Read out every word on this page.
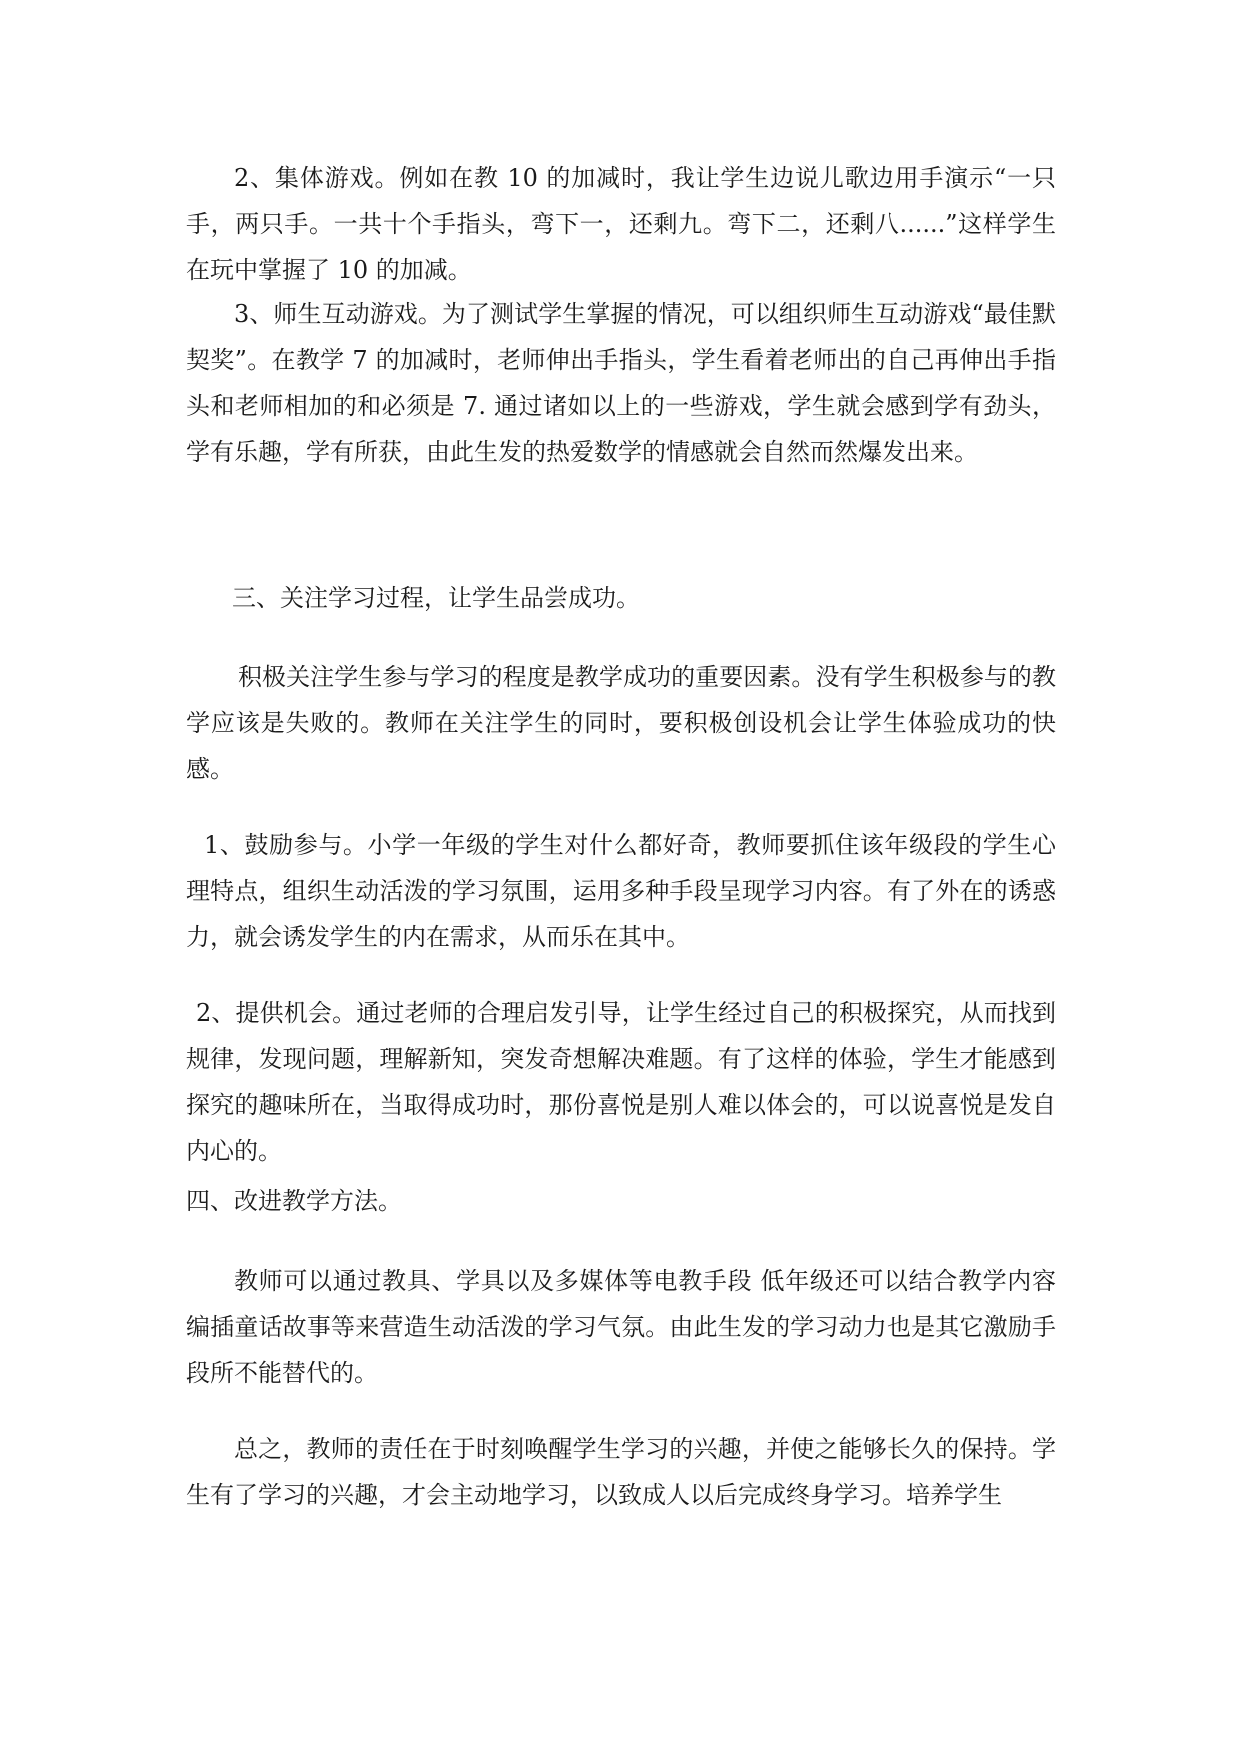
2、集体游戏。例如在教 10 的加减时，我让学生边说儿歌边用手演示“一只手，两只手。一共十个手指头，弯下一，还剩九。弯下二，还剩八......”这样学生在玩中掌握了 10 的加减。

3、师生互动游戏。为了测试学生掌握的情况，可以组织师生互动游戏“最佳默契奖”。在教学 7 的加减时，老师伸出手指头，学生看着老师出的自己再伸出手指头和老师相加的和必须是 7. 通过诸如以上的一些游戏，学生就会感到学有劲头，学有乐趣，学有所获，由此生发的热爱数学的情感就会自然而然爆发出来。

三、关注学习过程，让学生品尝成功。

积极关注学生参与学习的程度是教学成功的重要因素。没有学生积极参与的教学应该是失败的。教师在关注学生的同时，要积极创设机会让学生体验成功的快感。

1、鼓励参与。小学一年级的学生对什么都好奇，教师要抓住该年级段的学生心理特点，组织生动活泼的学习氛围，运用多种手段呈现学习内容。有了外在的诱惑力，就会诱发学生的内在需求，从而乐在其中。

2、提供机会。通过老师的合理启发引导，让学生经过自己的积极探究，从而找到规律，发现问题，理解新知，突发奇想解决难题。有了这样的体验，学生才能感到探究的趣味所在，当取得成功时，那份喜悦是别人难以体会的，可以说喜悦是发自内心的。

四、改进教学方法。

教师可以通过教具、学具以及多媒体等电教手段 低年级还可以结合教学内容编插童话故事等来营造生动活泼的学习气氛。由此生发的学习动力也是其它激励手段所不能替代的。

总之，教师的责任在于时刻唤醒学生学习的兴趣，并使之能够长久的保持。学生有了学习的兴趣，才会主动地学习，以致成人以后完成终身学习。培养学生
